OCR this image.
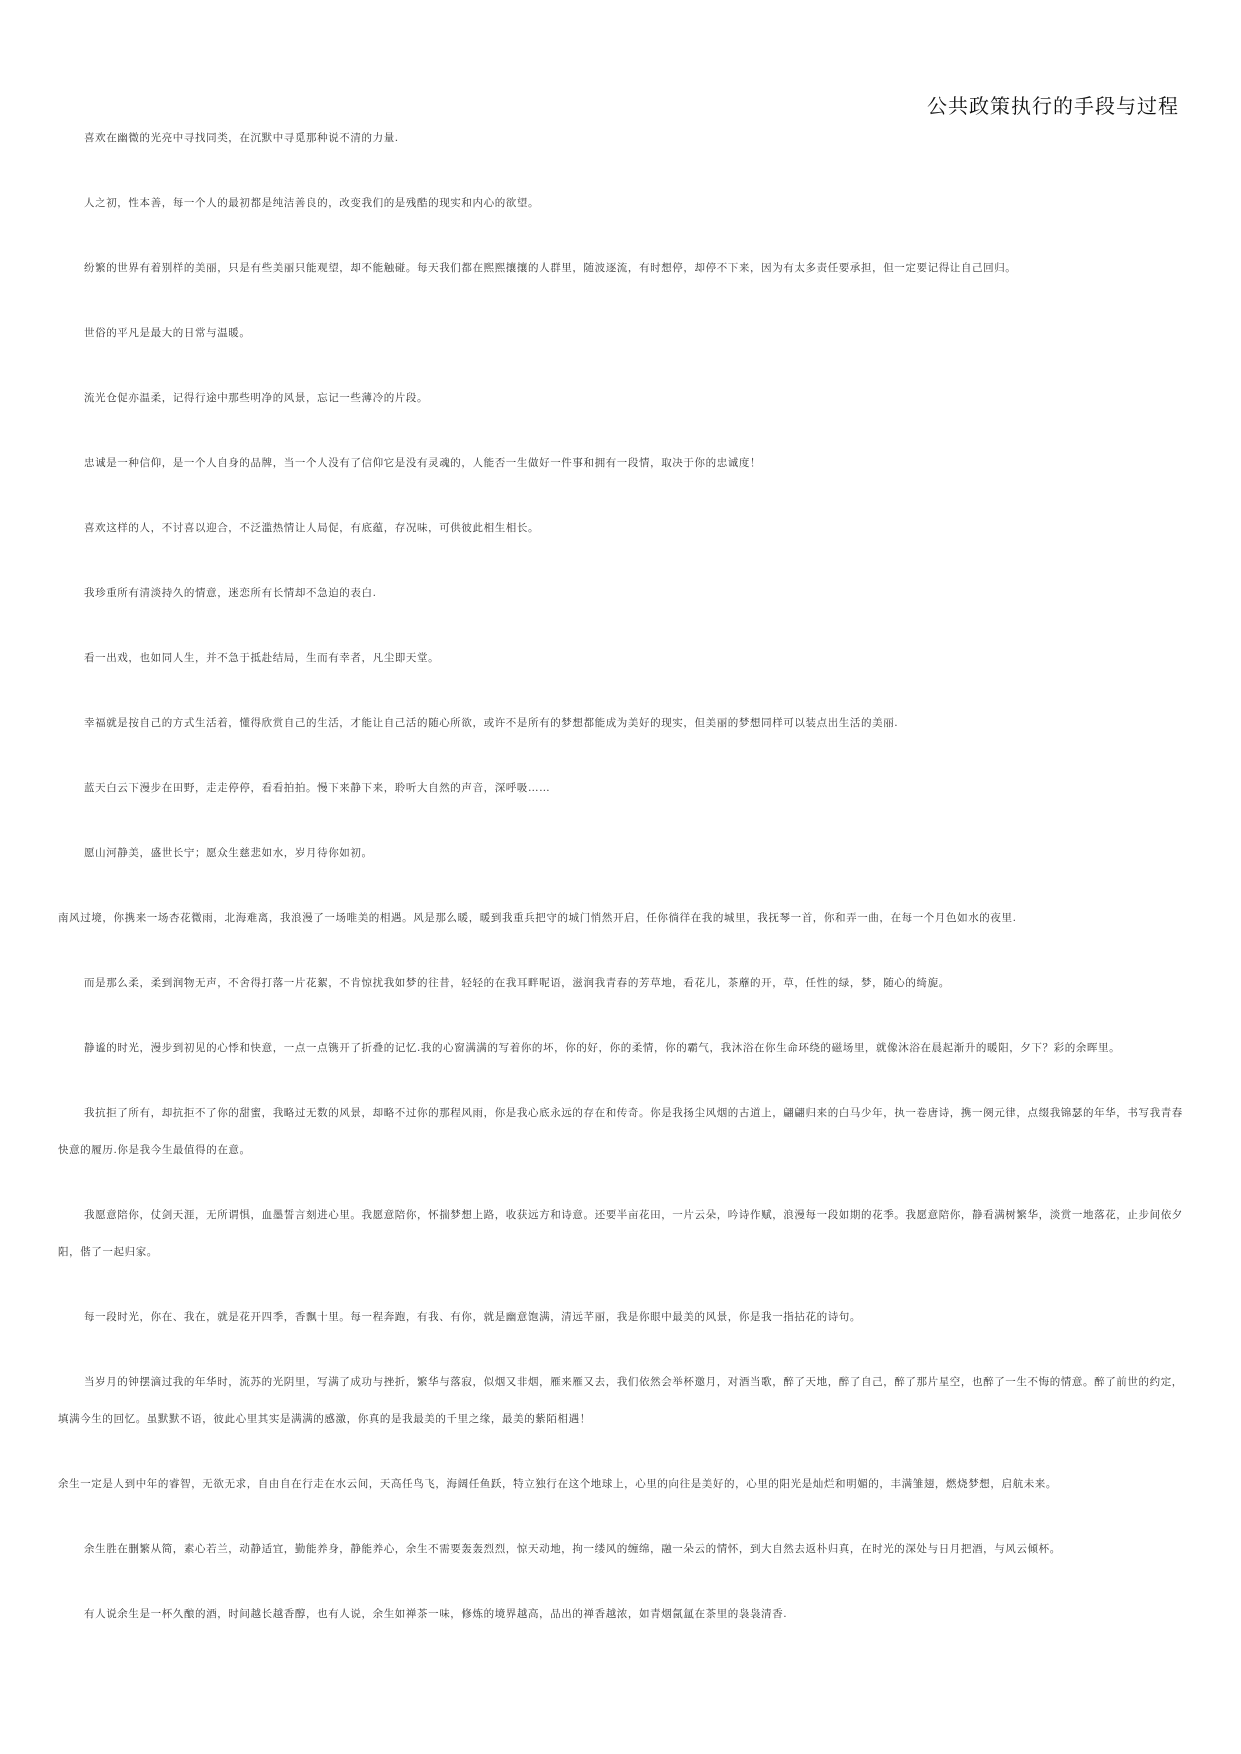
公共政策执行的手段与过程

喜欢在幽微的光亮中寻找同类，在沉默中寻觅那种说不清的力量.

人之初，性本善，每一个人的最初都是纯洁善良的，改变我们的是残酷的现实和内心的欲望。

纷繁的世界有着别样的美丽，只是有些美丽只能观望，却不能触碰。每天我们都在熙熙攘攘的人群里，随波逐流，有时想停，却停不下来，因为有太多责任要承担，但一定要记得让自己回归。

世俗的平凡是最大的日常与温暖。

流光仓促亦温柔，记得行途中那些明净的风景，忘记一些薄冷的片段。

忠诚是一种信仰，是一个人自身的品牌，当一个人没有了信仰它是没有灵魂的，人能否一生做好一件事和拥有一段情，取决于你的忠诚度！

喜欢这样的人，不讨喜以迎合，不泛滥热情让人局促，有底蕴，存况味，可供彼此相生相长。

我珍重所有清淡持久的情意，迷恋所有长情却不急迫的表白.

看一出戏，也如同人生，并不急于抵赴结局，生而有幸者，凡尘即天堂。

幸福就是按自己的方式生活着，懂得欣赏自己的生活，才能让自己活的随心所欲，或许不是所有的梦想都能成为美好的现实，但美丽的梦想同样可以装点出生活的美丽.

蓝天白云下漫步在田野，走走停停，看看拍拍。慢下来静下来，聆听大自然的声音，深呼吸……

愿山河静美，盛世长宁；愿众生慈悲如水，岁月待你如初。

南风过境，你携来一场杏花微雨，北海难离，我浪漫了一场唯美的相遇。风是那么暖，暖到我重兵把守的城门悄然开启，任你徜徉在我的城里，我抚琴一首，你和弄一曲，在每一个月色如水的夜里.

而是那么柔，柔到润物无声，不舍得打落一片花絮，不肯惊扰我如梦的往昔，轻轻的在我耳畔呢语，滋润我青春的芳草地，看花儿，茶蘼的开，草，任性的绿，梦，随心的绮旎。

静谧的时光，漫步到初见的心悸和快意，一点一点镌开了折叠的记忆.我的心窗满满的写着你的坏，你的好，你的柔情，你的霸气，我沐浴在你生命环绕的磁场里，就像沐浴在晨起渐升的暖阳，夕下？彩的余晖里。

我抗拒了所有，却抗拒不了你的甜蜜，我略过无数的风景，却略不过你的那程风雨，你是我心底永远的存在和传奇。你是我扬尘风烟的古道上，翩翩归来的白马少年，执一卷唐诗，携一阕元律，点缀我锦瑟的年华，书写我青春快意的履历.你是我今生最值得的在意。

我愿意陪你，仗剑天涯，无所谓惧，血墨誓言刻进心里。我愿意陪你，怀揣梦想上路，收获远方和诗意。还要半亩花田，一片云朵，吟诗作赋，浪漫每一段如期的花季。我愿意陪你，静看满树繁华，淡赏一地落花，止步间依夕阳，偕了一起归家。

每一段时光，你在、我在，就是花开四季，香飘十里。每一程奔跑，有我、有你，就是幽意饱满，清远芊丽，我是你眼中最美的风景，你是我一指拈花的诗句。

当岁月的钟摆滴过我的年华时，流苏的光阴里，写满了成功与挫折，繁华与落寂，似烟又非烟，雁来雁又去，我们依然会举杯邀月，对酒当歌，醉了天地，醉了自己，醉了那片星空，也醉了一生不悔的情意。醉了前世的约定，填满今生的回忆。虽默默不语，彼此心里其实是满满的感激，你真的是我最美的千里之缘，最美的紫陌相遇！

余生一定是人到中年的睿智，无欲无求，自由自在行走在水云间，天高任鸟飞，海阔任鱼跃，特立独行在这个地球上，心里的向往是美好的，心里的阳光是灿烂和明媚的，丰满雏翅，燃烧梦想，启航未来。

余生胜在删繁从简，素心若兰，动静适宜，勤能养身，静能养心，余生不需要轰轰烈烈，惊天动地，拘一缕风的缠绵，融一朵云的情怀，到大自然去返朴归真，在时光的深处与日月把酒，与风云倾杯。

有人说余生是一杯久酿的酒，时间越长越香醇，也有人说，余生如禅茶一味，修炼的境界越高，品出的禅香越浓，如青烟氤氲在茶里的袅袅清香.
